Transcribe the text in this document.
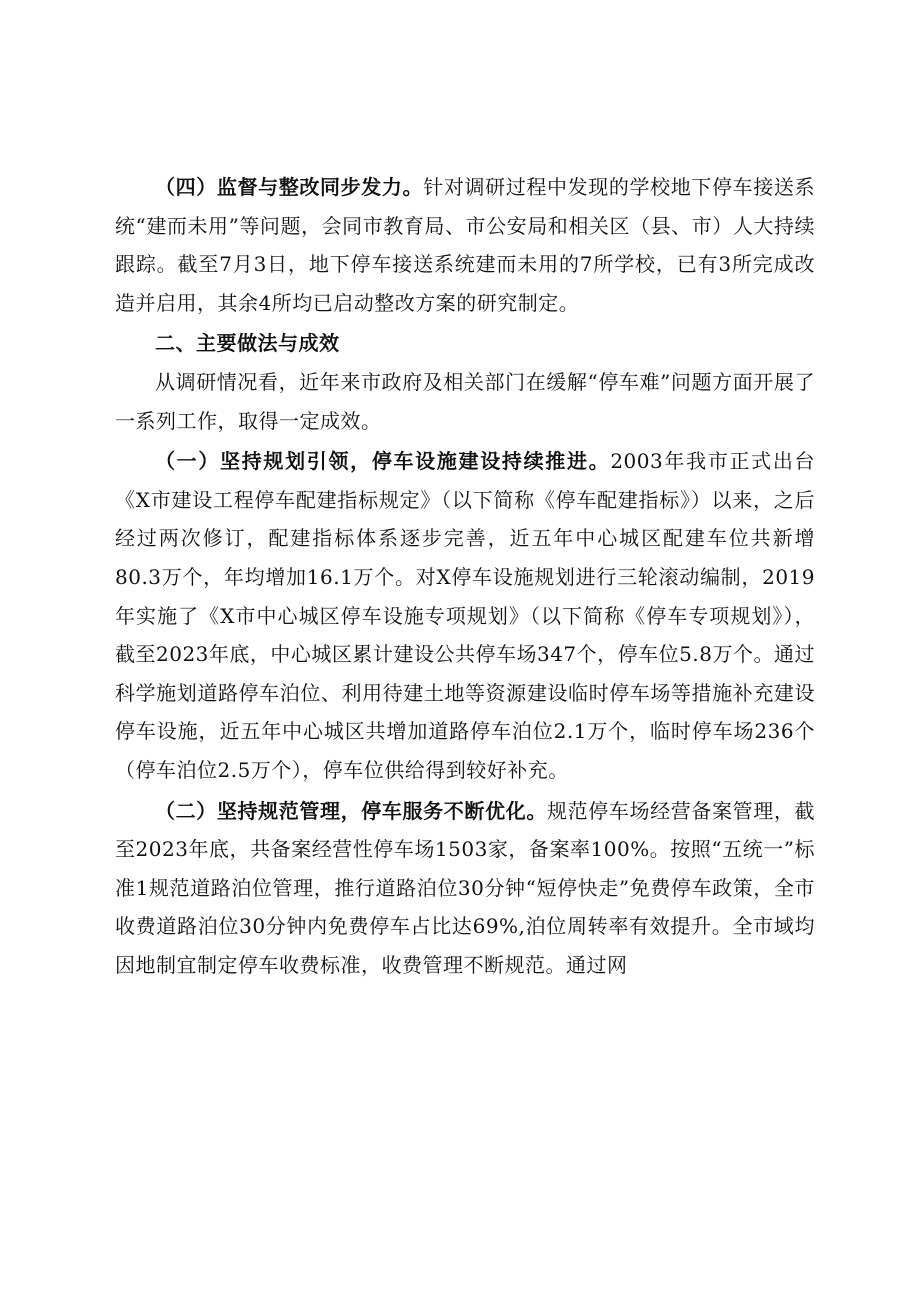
（四）监督与整改同步发力。针对调研过程中发现的学校地下停车接送系统“建而未用”等问题，会同市教育局、市公安局和相关区（县、市）人大持续跟踪。截至7月3日，地下停车接送系统建而未用的7所学校，已有3所完成改造并启用，其余4所均已启动整改方案的研究制定。

二、主要做法与成效

从调研情况看，近年来市政府及相关部门在缓解“停车难”问题方面开展了一系列工作，取得一定成效。

（一）坚持规划引领，停车设施建设持续推进。2003年我市正式出台《X市建设工程停车配建指标规定》（以下简称《停车配建指标》）以来，之后经过两次修订，配建指标体系逐步完善，近五年中心城区配建车位共新增80.3万个，年均增加16.1万个。对X停车设施规划进行三轮滚动编制，2019年实施了《X市中心城区停车设施专项规划》（以下简称《停车专项规划》），截至2023年底，中心城区累计建设公共停车场347个，停车位5.8万个。通过科学施划道路停车泊位、利用待建土地等资源建设临时停车场等措施补充建设停车设施，近五年中心城区共增加道路停车泊位2.1万个，临时停车场236个（停车泊位2.5万个），停车位供给得到较好补充。

（二）坚持规范管理，停车服务不断优化。规范停车场经营备案管理，截至2023年底，共备案经营性停车场1503家，备案率100%。按照“五统一”标准1规范道路泊位管理，推行道路泊位30分钟“短停快走”免费停车政策，全市收费道路泊位30分钟内免费停车占比达69%,泊位周转率有效提升。全市域均因地制宜制定停车收费标准，收费管理不断规范。通过网
